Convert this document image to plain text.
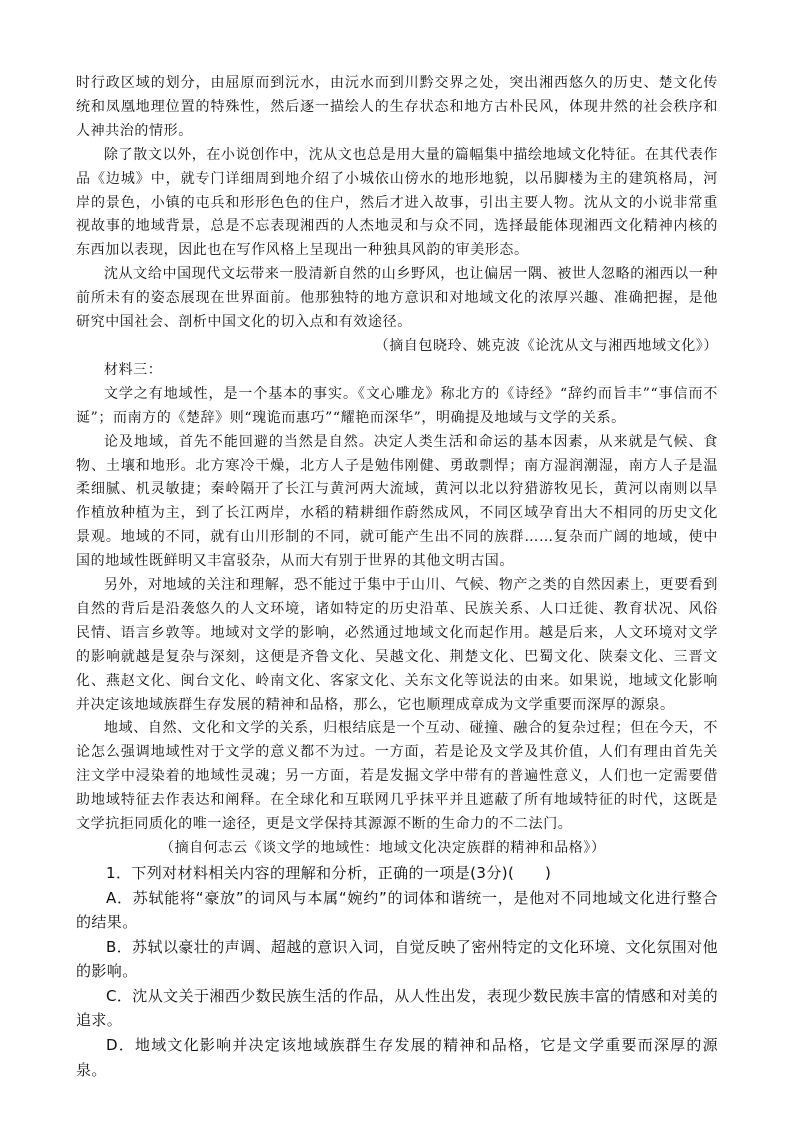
时行政区域的划分，由屈原而到沅水，由沅水而到川黔交界之处，突出湘西悠久的历史、楚文化传统和凤凰地理位置的特殊性，然后逐一描绘人的生存状态和地方古朴民风，体现井然的社会秩序和人神共治的情形。

除了散文以外，在小说创作中，沈从文也总是用大量的篇幅集中描绘地域文化特征。在其代表作品《边城》中，就专门详细周到地介绍了小城依山傍水的地形地貌，以吊脚楼为主的建筑格局，河岸的景色，小镇的屯兵和形形色色的住户，然后才进入故事，引出主要人物。沈从文的小说非常重视故事的地域背景，总是不忘表现湘西的人杰地灵和与众不同，选择最能体现湘西文化精神内核的东西加以表现，因此也在写作风格上呈现出一种独具风韵的审美形态。

沈从文给中国现代文坛带来一股清新自然的山乡野风，也让偏居一隅、被世人忽略的湘西以一种前所未有的姿态展现在世界面前。他那独特的地方意识和对地域文化的浓厚兴趣、准确把握，是他研究中国社会、剖析中国文化的切入点和有效途径。

（摘自包晓玲、姚克波《论沈从文与湘西地域文化》）

材料三：

文学之有地域性，是一个基本的事实。《文心雕龙》称北方的《诗经》“辞约而旨丰”“事信而不诞”；而南方的《楚辞》则“瑰诡而惠巧”“耀艳而深华”，明确提及地域与文学的关系。

论及地域，首先不能回避的当然是自然。决定人类生活和命运的基本因素，从来就是气候、食物、土壤和地形。北方寒冷干燥，北方人子是勉伟刚健、勇敢剽悍；南方湿润潮湿，南方人子是温柔细腻、机灵敏捷；秦岭隔开了长江与黄河两大流域，黄河以北以狩猎游牧见长，黄河以南则以旱作植放种植为主，到了长江两岸，水稻的精耕细作蔚然成风，不同区域孕育出大不相同的历史文化景观。地域的不同，就有山川形制的不同，就可能产生出不同的族群……复杂而广阔的地域，使中国的地域性既鲜明又丰富驳杂，从而大有别于世界的其他文明古国。

另外，对地域的关注和理解，恐不能过于集中于山川、气候、物产之类的自然因素上，更要看到自然的背后是沿袭悠久的人文环境，诸如特定的历史沿革、民族关系、人口迁徙、教育状况、风俗民情、语言乡敦等。地域对文学的影响，必然通过地域文化而起作用。越是后来，人文环境对文学的影响就越是复杂与深刻，这便是齐鲁文化、吴越文化、荆楚文化、巴蜀文化、陕秦文化、三晋文化、燕赵文化、闽台文化、岭南文化、客家文化、关东文化等说法的由来。如果说，地域文化影响并决定该地域族群生存发展的精神和品格，那么，它也顺理成章成为文学重要而深厚的源泉。

地域、自然、文化和文学的关系，归根结底是一个互动、碰撞、融合的复杂过程；但在今天，不论怎么强调地域性对于文学的意义都不为过。一方面，若是论及文学及其价值，人们有理由首先关注文学中浸染着的地域性灵魂；另一方面，若是发掘文学中带有的普遍性意义，人们也一定需要借助地域特征去作表达和阐释。在全球化和互联网几乎抹平并且遮蔽了所有地域特征的时代，这既是文学抗拒同质化的唯一途径，更是文学保持其源源不断的生命力的不二法门。

（摘自何志云《谈文学的地域性：地域文化决定族群的精神和品格》）

1．下列对材料相关内容的理解和分析，正确的一项是(3分)(　　)

A．苏轼能将“豪放”的词风与本属“婉约”的词体和谐统一，是他对不同地域文化进行整合的结果。

B．苏轼以豪壮的声调、超越的意识入词，自觉反映了密州特定的文化环境、文化氛围对他的影响。

C．沈从文关于湘西少数民族生活的作品，从人性出发，表现少数民族丰富的情感和对美的追求。

D．地域文化影响并决定该地域族群生存发展的精神和品格，它是文学重要而深厚的源泉。
